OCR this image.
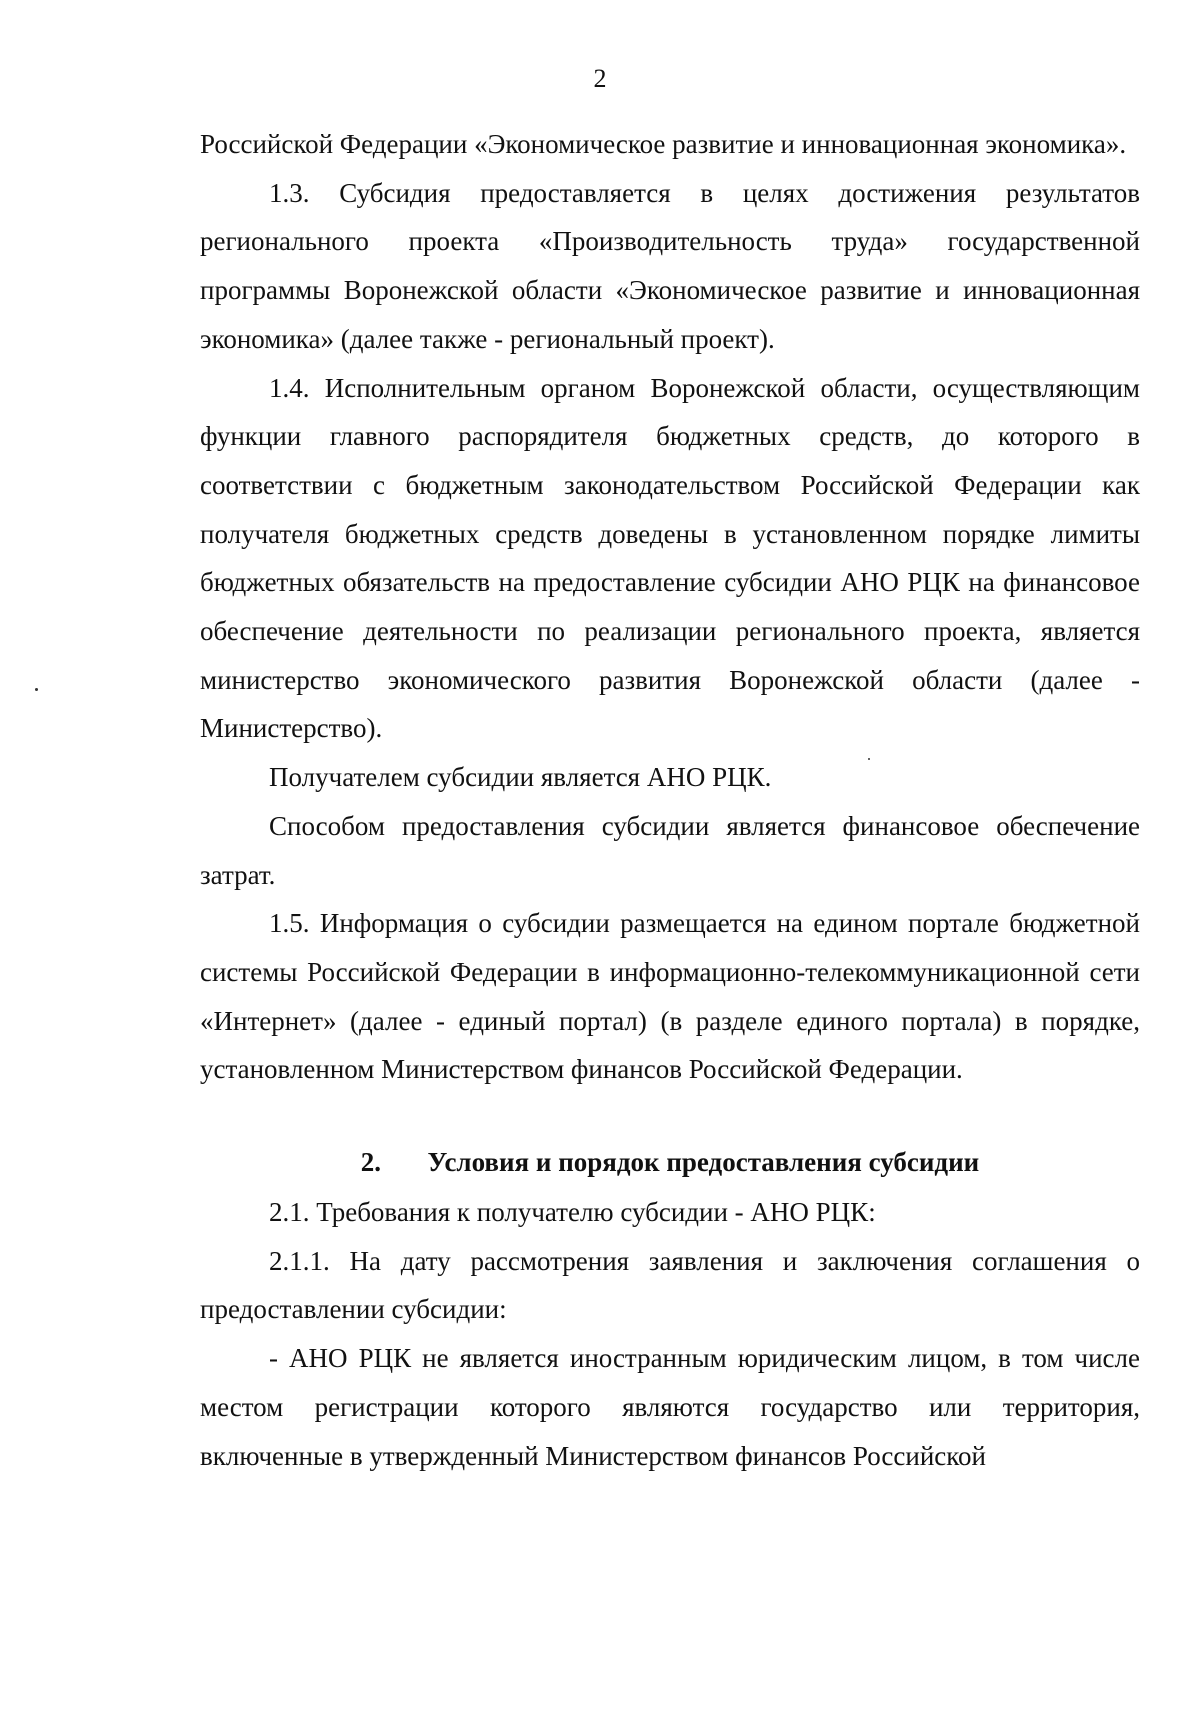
2

Российской Федерации «Экономическое развитие и инновационная экономика».

1.3. Субсидия предоставляется в целях достижения результатов регионального проекта «Производительность труда» государственной программы Воронежской области «Экономическое развитие и инновационная экономика» (далее также - региональный проект).

1.4. Исполнительным органом Воронежской области, осуществляющим функции главного распорядителя бюджетных средств, до которого в соответствии с бюджетным законодательством Российской Федерации как получателя бюджетных средств доведены в установленном порядке лимиты бюджетных обязательств на предоставление субсидии АНО РЦК на финансовое обеспечение деятельности по реализации регионального проекта, является министерство экономического развития Воронежской области (далее - Министерство).

Получателем субсидии является АНО РЦК.

Способом предоставления субсидии является финансовое обеспечение затрат.

1.5. Информация о субсидии размещается на едином портале бюджетной системы Российской Федерации в информационно-телекоммуникационной сети «Интернет» (далее - единый портал) (в разделе единого портала) в порядке, установленном Министерством финансов Российской Федерации.

2. Условия и порядок предоставления субсидии

2.1. Требования к получателю субсидии - АНО РЦК:

2.1.1. На дату рассмотрения заявления и заключения соглашения о предоставлении субсидии:

- АНО РЦК не является иностранным юридическим лицом, в том числе местом регистрации которого являются государство или территория, включенные в утвержденный Министерством финансов Российской
